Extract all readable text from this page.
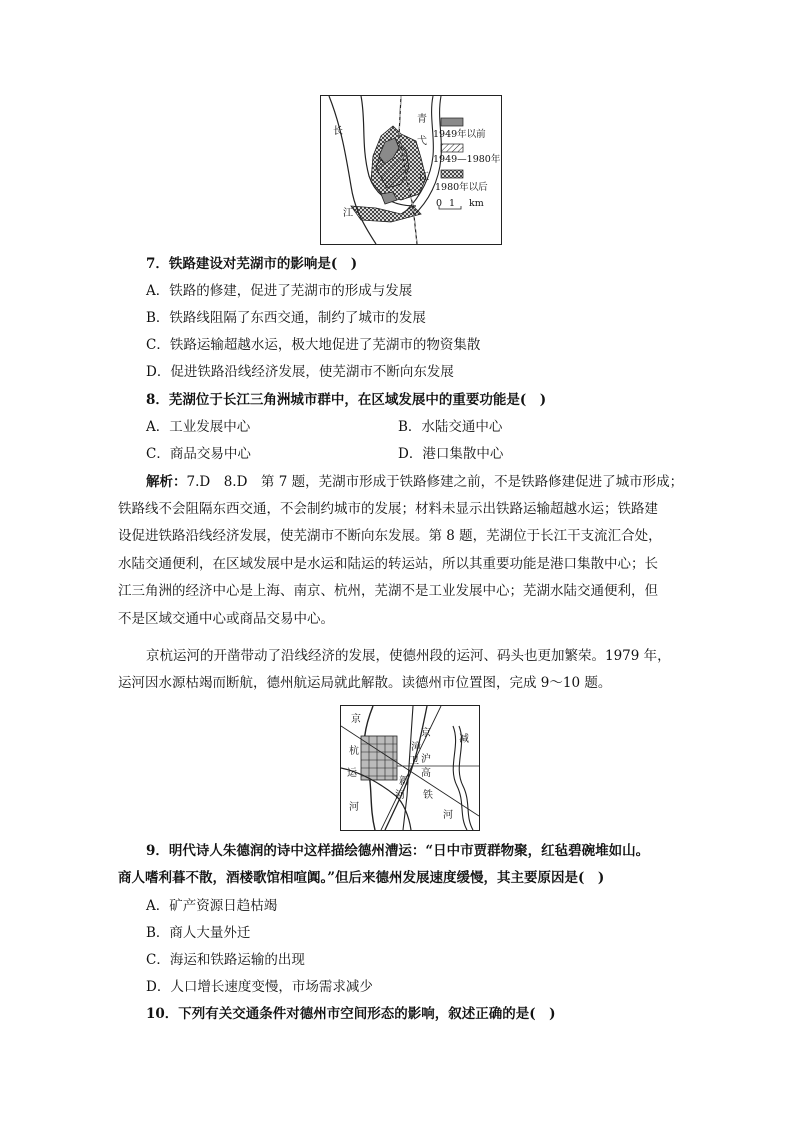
长
江
青
弋
江
1949年以前
1949—1980年
1980年以后
0 1 km
7．铁路建设对芜湖市的影响是(　)
A．铁路的修建，促进了芜湖市的形成与发展
B．铁路线阻隔了东西交通，制约了城市的发展
C．铁路运输超越水运，极大地促进了芜湖市的物资集散
D．促进铁路沿线经济发展，使芜湖市不断向东发展
8．芜湖位于长江三角洲城市群中，在区域发展中的重要功能是(　)
A．工业发展中心	B．水陆交通中心
C．商品交易中心	D．港口集散中心
解析：7.D　8.D　第 7 题，芜湖市形成于铁路修建之前，不是铁路修建促进了城市形成；
铁路线不会阻隔东西交通，不会制约城市的发展；材料未显示出铁路运输超越水运；铁路建
设促进铁路沿线经济发展，使芜湖市不断向东发展。第 8 题，芜湖位于长江干支流汇合处，
水陆交通便利，在区域发展中是水运和陆运的转运站，所以其重要功能是港口集散中心；长
江三角洲的经济中心是上海、南京、杭州，芜湖不是工业发展中心；芜湖水陆交通便利，但
不是区域交通中心或商品交易中心。
京杭运河的开凿带动了沿线经济的发展，使德州段的运河、码头也更加繁荣。1979 年，
运河因水源枯竭而断航，德州航运局就此解散。读德州市位置图，完成 9～10 题。
京
杭
运
河
京
漳
沪
卫
高
新
河 铁
减
河
9．明代诗人朱德润的诗中这样描绘德州漕运：“日中市贾群物聚，红毡碧碗堆如山。
商人嗜利暮不散，酒楼歌馆相喧阗。”但后来德州发展速度缓慢，其主要原因是(　)
A．矿产资源日趋枯竭
B．商人大量外迁
C．海运和铁路运输的出现
D．人口增长速度变慢，市场需求减少
10．下列有关交通条件对德州市空间形态的影响，叙述正确的是(　)
